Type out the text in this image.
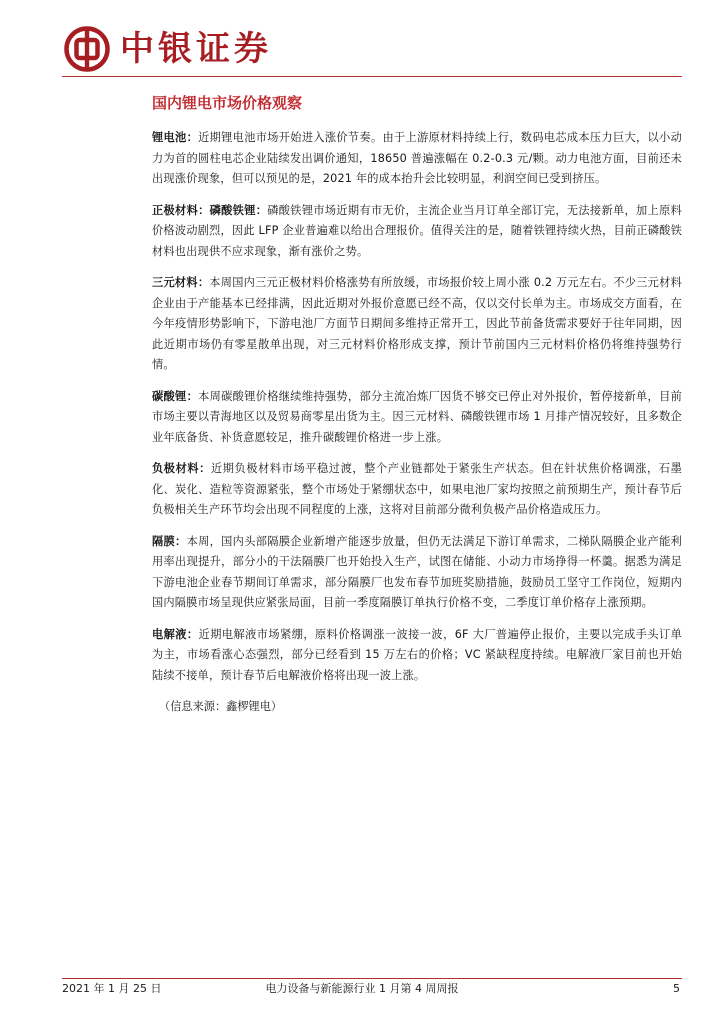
中银证券
国内锂电市场价格观察

锂电池：近期锂电池市场开始进入涨价节奏。由于上游原材料持续上行，数码电芯成本压力巨大，以小动力为首的圆柱电芯企业陆续发出调价通知，18650 普遍涨幅在 0.2-0.3 元/颗。动力电池方面，目前还未出现涨价现象，但可以预见的是，2021 年的成本抬升会比较明显，利润空间已受到挤压。

正极材料：磷酸铁锂：磷酸铁锂市场近期有市无价，主流企业当月订单全部订完，无法接新单，加上原料价格波动剧烈，因此 LFP 企业普遍难以给出合理报价。值得关注的是，随着铁锂持续火热，目前正磷酸铁材料也出现供不应求现象，渐有涨价之势。

三元材料：本周国内三元正极材料价格涨势有所放缓，市场报价较上周小涨 0.2 万元左右。不少三元材料企业由于产能基本已经排满，因此近期对外报价意愿已经不高，仅以交付长单为主。市场成交方面看，在今年疫情形势影响下，下游电池厂方面节日期间多维持正常开工，因此节前备货需求要好于往年同期，因此近期市场仍有零星散单出现，对三元材料价格形成支撑，预计节前国内三元材料价格仍将维持强势行情。

碳酸锂：本周碳酸锂价格继续维持强势，部分主流冶炼厂因货不够交已停止对外报价，暂停接新单，目前市场主要以青海地区以及贸易商零星出货为主。因三元材料、磷酸铁锂市场 1 月排产情况较好，且多数企业年底备货、补货意愿较足，推升碳酸锂价格进一步上涨。

负极材料：近期负极材料市场平稳过渡，整个产业链都处于紧张生产状态。但在针状焦价格调涨，石墨化、炭化、造粒等资源紧张，整个市场处于紧绷状态中，如果电池厂家均按照之前预期生产，预计春节后负极相关生产环节均会出现不同程度的上涨，这将对目前部分微利负极产品价格造成压力。

隔膜：本周，国内头部隔膜企业新增产能逐步放量，但仍无法满足下游订单需求，二梯队隔膜企业产能利用率出现提升，部分小的干法隔膜厂也开始投入生产，试图在储能、小动力市场挣得一杯羹。据悉为满足下游电池企业春节期间订单需求，部分隔膜厂也发布春节加班奖励措施，鼓励员工坚守工作岗位，短期内国内隔膜市场呈现供应紧张局面，目前一季度隔膜订单执行价格不变，二季度订单价格存上涨预期。

电解液：近期电解液市场紧绷，原料价格调涨一波接一波，6F 大厂普遍停止报价，主要以完成手头订单为主，市场看涨心态强烈，部分已经看到 15 万左右的价格；VC 紧缺程度持续。电解液厂家目前也开始陆续不接单，预计春节后电解液价格将出现一波上涨。

（信息来源：鑫椤锂电）

2021 年 1 月 25 日	电力设备与新能源行业 1 月第 4 周周报	5
